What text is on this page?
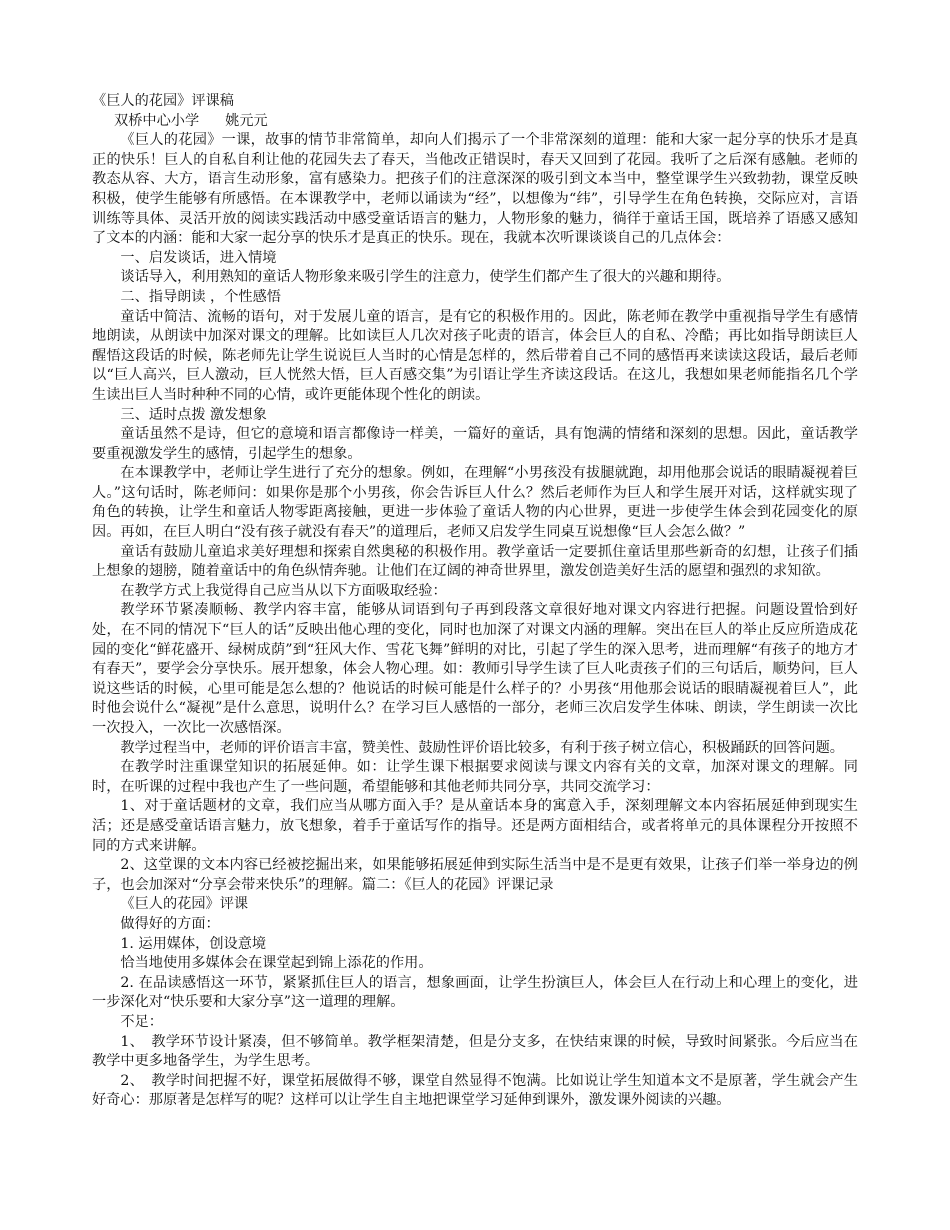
《巨人的花园》评课稿
双桥中心小学 姚元元

《巨人的花园》一课，故事的情节非常简单，却向人们揭示了一个非常深刻的道理：能和大家一起分享的快乐才是真正的快乐！巨人的自私自利让他的花园失去了春天，当他改正错误时，春天又回到了花园。我听了之后深有感触。老师的教态从容、大方，语言生动形象，富有感染力。把孩子们的注意深深的吸引到文本当中，整堂课学生兴致勃勃，课堂反映积极，使学生能够有所感悟。在本课教学中，老师以诵读为“经”，以想像为“纬”，引导学生在角色转换，交际应对，言语训练等具体、灵活开放的阅读实践活动中感受童话语言的魅力，人物形象的魅力，徜徉于童话王国，既培养了语感又感知了文本的内涵：能和大家一起分享的快乐才是真正的快乐。现在，我就本次听课谈谈自己的几点体会：

一、启发谈话，进入情境

谈话导入，利用熟知的童话人物形象来吸引学生的注意力，使学生们都产生了很大的兴趣和期待。

二、指导朗读 ，个性感悟

童话中简洁、流畅的语句，对于发展儿童的语言，是有它的积极作用的。因此，陈老师在教学中重视指导学生有感情地朗读，从朗读中加深对课文的理解。比如读巨人几次对孩子叱责的语言，体会巨人的自私、冷酷；再比如指导朗读巨人醒悟这段话的时候，陈老师先让学生说说巨人当时的心情是怎样的，然后带着自己不同的感悟再来读读这段话，最后老师以“巨人高兴，巨人激动，巨人恍然大悟，巨人百感交集”为引语让学生齐读这段话。在这儿，我想如果老师能指名几个学生读出巨人当时种种不同的心情，或许更能体现个性化的朗读。

三、适时点拨 激发想象

童话虽然不是诗，但它的意境和语言都像诗一样美，一篇好的童话，具有饱满的情绪和深刻的思想。因此，童话教学要重视激发学生的感情，引起学生的想象。

在本课教学中，老师让学生进行了充分的想象。例如，在理解“小男孩没有拔腿就跑，却用他那会说话的眼睛凝视着巨人。”这句话时，陈老师问：如果你是那个小男孩，你会告诉巨人什么？然后老师作为巨人和学生展开对话，这样就实现了角色的转换，让学生和童话人物零距离接触，更进一步体验了童话人物的内心世界，更进一步使学生体会到花园变化的原因。再如，在巨人明白“没有孩子就没有春天”的道理后，老师又启发学生同桌互说想像“巨人会怎么做？”

童话有鼓励儿童追求美好理想和探索自然奥秘的积极作用。教学童话一定要抓住童话里那些新奇的幻想，让孩子们插上想象的翅膀，随着童话中的角色纵情奔驰。让他们在辽阔的神奇世界里，激发创造美好生活的愿望和强烈的求知欲。

在教学方式上我觉得自己应当从以下方面吸取经验：

教学环节紧凑顺畅、教学内容丰富，能够从词语到句子再到段落文章很好地对课文内容进行把握。问题设置恰到好处，在不同的情况下“巨人的话”反映出他心理的变化，同时也加深了对课文内涵的理解。突出在巨人的举止反应所造成花园的变化“鲜花盛开、绿树成荫”到“狂风大作、雪花飞舞”鲜明的对比，引起了学生的深入思考，进而理解“有孩子的地方才有春天”，要学会分享快乐。展开想象，体会人物心理。如：教师引导学生读了巨人叱责孩子们的三句话后，顺势问，巨人说这些话的时候，心里可能是怎么想的？他说话的时候可能是什么样子的？小男孩“用他那会说话的眼睛凝视着巨人”，此时他会说什么“凝视”是什么意思，说明什么？在学习巨人感悟的一部分，老师三次启发学生体味、朗读，学生朗读一次比一次投入，一次比一次感悟深。

教学过程当中，老师的评价语言丰富，赞美性、鼓励性评价语比较多，有利于孩子树立信心，积极踊跃的回答问题。

在教学时注重课堂知识的拓展延伸。如：让学生课下根据要求阅读与课文内容有关的文章，加深对课文的理解。同时，在听课的过程中我也产生了一些问题，希望能够和其他老师共同分享，共同交流学习：

1、对于童话题材的文章，我们应当从哪方面入手？是从童话本身的寓意入手，深刻理解文本内容拓展延伸到现实生活；还是感受童话语言魅力，放飞想象，着手于童话写作的指导。还是两方面相结合，或者将单元的具体课程分开按照不同的方式来讲解。

2、这堂课的文本内容已经被挖掘出来，如果能够拓展延伸到实际生活当中是不是更有效果，让孩子们举一举身边的例子，也会加深对“分享会带来快乐”的理解。篇二：《巨人的花园》评课记录

《巨人的花园》评课

做得好的方面：
1. 运用媒体，创设意境

恰当地使用多媒体会在课堂起到锦上添花的作用。

2. 在品读感悟这一环节，紧紧抓住巨人的语言，想象画面，让学生扮演巨人，体会巨人在行动上和心理上的变化，进一步深化对“快乐要和大家分享”这一道理的理解。

不足：

1、　教学环节设计紧凑，但不够简单。教学框架清楚，但是分支多，在快结束课的时候，导致时间紧张。今后应当在教学中更多地备学生，为学生思考。

2、　教学时间把握不好，课堂拓展做得不够，课堂自然显得不饱满。比如说让学生知道本文不是原著，学生就会产生好奇心：那原著是怎样写的呢？这样可以让学生自主地把课堂学习延伸到课外，激发课外阅读的兴趣。
